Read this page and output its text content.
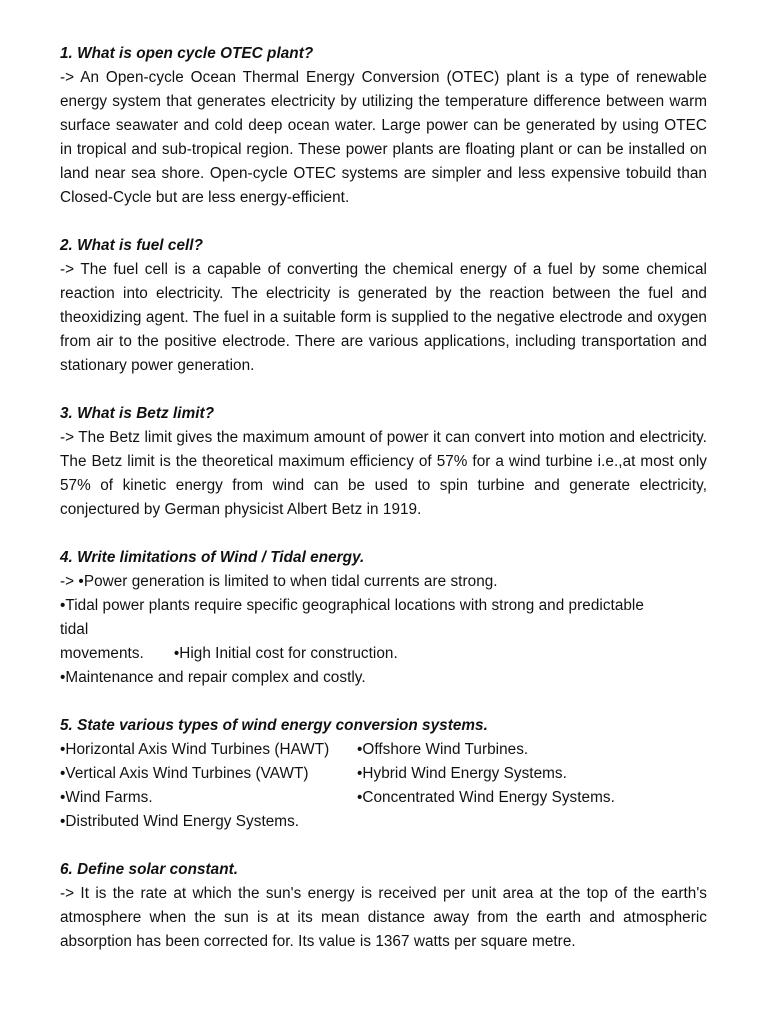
1. What is open cycle OTEC plant?

-> An Open-cycle Ocean Thermal Energy Conversion (OTEC) plant is a type of renewable energy system that generates electricity by utilizing the temperature difference between warm surface seawater and cold deep ocean water. Large power can be generated by using OTEC in tropical and sub-tropical region. These power plants are floating plant or can be installed on land near sea shore. Open-cycle OTEC systems are simpler and less expensive tobuild than Closed-Cycle but are less energy-efficient.

2. What is fuel cell?

-> The fuel cell is a capable of converting the chemical energy of a fuel by some chemical reaction into electricity. The electricity is generated by the reaction between the fuel and theoxidizing agent. The fuel in a suitable form is supplied to the negative electrode and oxygen from air to the positive electrode. There are various applications, including transportation and stationary power generation.

3. What is Betz limit?

-> The Betz limit gives the maximum amount of power it can convert into motion and electricity. The Betz limit is the theoretical maximum efficiency of 57% for a wind turbine i.e.,at most only 57% of kinetic energy from wind can be used to spin turbine and generate electricity, conjectured by German physicist Albert Betz in 1919.

4. Write limitations of Wind / Tidal energy.

-> •Power generation is limited to when tidal currents are strong.

•Tidal power plants require specific geographical locations with strong and predictable

tidal

movements. •High Initial cost for construction.

•Maintenance and repair complex and costly.

5. State various types of wind energy conversion systems.

•Horizontal Axis Wind Turbines (HAWT)	•Offshore Wind Turbines.
•Vertical Axis Wind Turbines (VAWT)	•Hybrid Wind Energy Systems.
•Wind Farms.	•Concentrated Wind Energy Systems.
•Distributed Wind Energy Systems.

6. Define solar constant.

-> It is the rate at which the sun's energy is received per unit area at the top of the earth's atmosphere when the sun is at its mean distance away from the earth and atmospheric absorption has been corrected for. Its value is 1367 watts per square metre.
